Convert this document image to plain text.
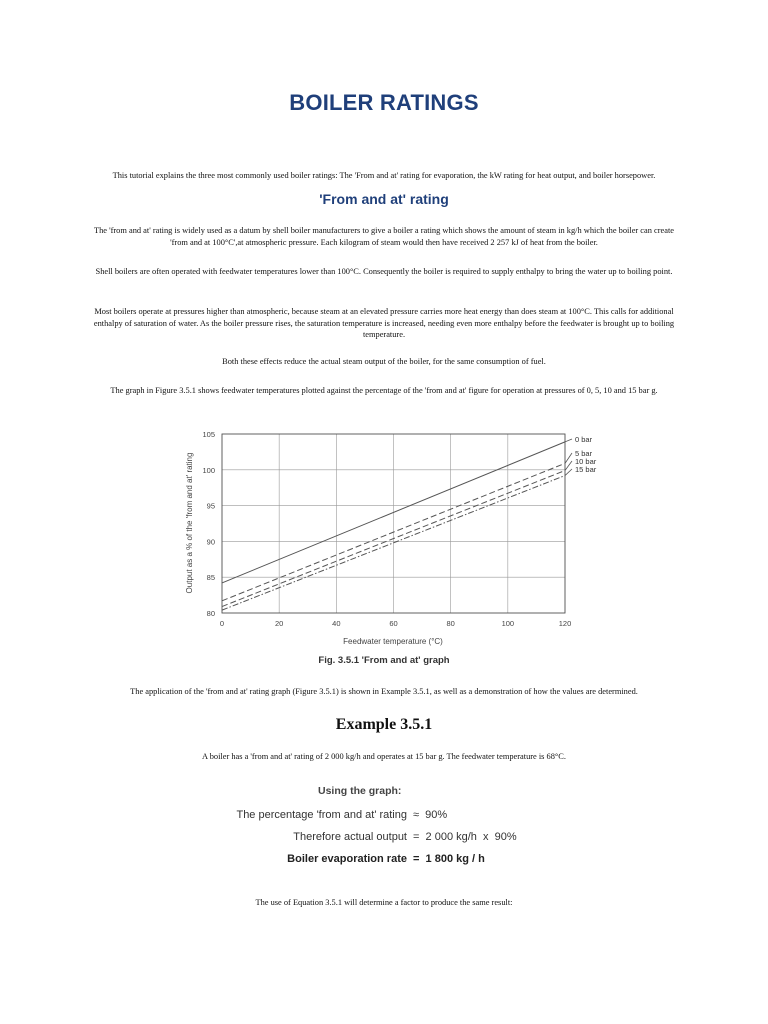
BOILER RATINGS
This tutorial explains the three most commonly used boiler ratings: The 'From and at' rating for evaporation, the kW rating for heat output, and boiler horsepower.
'From and at' rating
The 'from and at' rating is widely used as a datum by shell boiler manufacturers to give a boiler a rating which shows the amount of steam in kg/h which the boiler can create 'from and at 100°C',at atmospheric pressure. Each kilogram of steam would then have received 2 257 kJ of heat from the boiler.
Shell boilers are often operated with feedwater temperatures lower than 100°C. Consequently the boiler is required to supply enthalpy to bring the water up to boiling point.
Most boilers operate at pressures higher than atmospheric, because steam at an elevated pressure carries more heat energy than does steam at 100°C. This calls for additional enthalpy of saturation of water. As the boiler pressure rises, the saturation temperature is increased, needing even more enthalpy before the feedwater is brought up to boiling temperature.
Both these effects reduce the actual steam output of the boiler, for the same consumption of fuel.
The graph in Figure 3.5.1 shows feedwater temperatures plotted against the percentage of the 'from and at' figure for operation at pressures of 0, 5, 10 and 15 bar g.
0	20	40	60	80	100	120
80
85
90
95
100
105
0 bar
5 bar
10 bar
15 bar
Feedwater temperature (°C)
Output as a % of the 'from and at' rating
Fig. 3.5.1 'From and at' graph
The application of the 'from and at' rating graph (Figure 3.5.1) is shown in Example 3.5.1, as well as a demonstration of how the values are determined.
Example 3.5.1
A boiler has a 'from and at' rating of 2 000 kg/h and operates at 15 bar g. The feedwater temperature is 68°C.
Using the graph:
The percentage 'from and at' rating ≈  90%
Therefore actual output =  2 000 kg/h  x  90%
Boiler evaporation rate =  1 800 kg / h
The use of Equation 3.5.1 will determine a factor to produce the same result:
